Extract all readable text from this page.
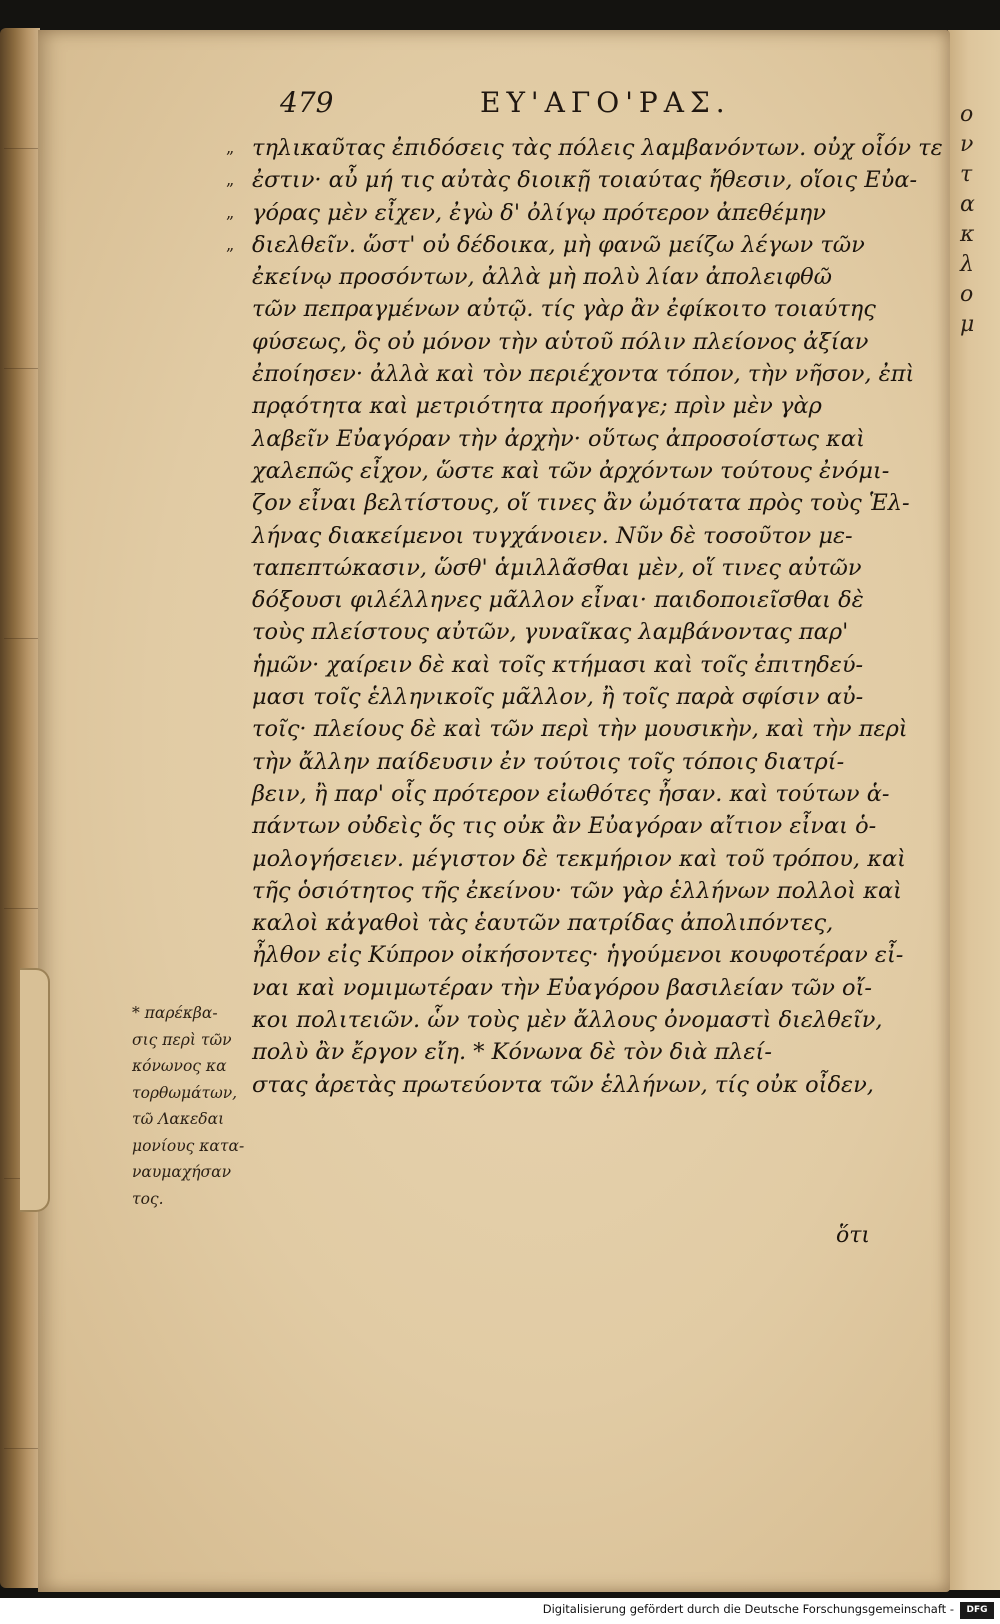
ο
ν
τ
α
κ
λ
ο
μ
479	ΕΥ'ΑΓΟ'ΡΑΣ.
„ τηλικαῦτας ἐπιδόσεις τὰς πόλεις λαμβανόντων. οὐχ οἷόν τε
„ ἐστιν· αὖ μή τις αὐτὰς διοικῇ τοιαύτας ἤθεσιν, οἵοις Εὐα-
„ γόρας μὲν εἶχεν, ἐγὼ δ' ὀλίγῳ πρότερον ἀπεθέμην
„ διελθεῖν. ὥστ' οὐ δέδοικα, μὴ φανῶ μείζω λέγων τῶν
ἐκείνῳ προσόντων, ἀλλὰ μὴ πολὺ λίαν ἀπολειφθῶ
τῶν πεπραγμένων αὐτῷ. τίς γὰρ ἂν ἐφίκοιτο τοιαύτης
φύσεως, ὃς οὐ μόνον τὴν αὑτοῦ πόλιν πλείονος ἀξίαν
ἐποίησεν· ἀλλὰ καὶ τὸν περιέχοντα τόπον, τὴν νῆσον, ἐπὶ
πρᾳότητα καὶ μετριότητα προήγαγε; πρὶν μὲν γὰρ
λαβεῖν Εὐαγόραν τὴν ἀρχὴν· οὕτως ἀπροσοίστως καὶ
χαλεπῶς εἶχον, ὥστε καὶ τῶν ἀρχόντων τούτους ἐνόμι-
ζον εἶναι βελτίστους, οἵ τινες ἂν ὠμότατα πρὸς τοὺς Ἑλ-
λήνας διακείμενοι τυγχάνοιεν. Νῦν δὲ τοσοῦτον με-
ταπεπτώκασιν, ὥσθ' ἁμιλλᾶσθαι μὲν, οἵ τινες αὐτῶν
δόξουσι φιλέλληνες μᾶλλον εἶναι· παιδοποιεῖσθαι δὲ
τοὺς πλείστους αὐτῶν, γυναῖκας λαμβάνοντας παρ'
ἡμῶν· χαίρειν δὲ καὶ τοῖς κτήμασι καὶ τοῖς ἐπιτηδεύ-
μασι τοῖς ἑλληνικοῖς μᾶλλον, ἢ τοῖς παρὰ σφίσιν αὐ-
τοῖς· πλείους δὲ καὶ τῶν περὶ τὴν μουσικὴν, καὶ τὴν περὶ
τὴν ἄλλην παίδευσιν ἐν τούτοις τοῖς τόποις διατρί-
βειν, ἢ παρ' οἷς πρότερον εἰωθότες ἦσαν. καὶ τούτων ἁ-
πάντων οὐδεὶς ὅς τις οὐκ ἂν Εὐαγόραν αἴτιον εἶναι ὁ-
μολογήσειεν. μέγιστον δὲ τεκμήριον καὶ τοῦ τρόπου, καὶ
τῆς ὁσιότητος τῆς ἐκείνου· τῶν γὰρ ἑλλήνων πολλοὶ καὶ
καλοὶ κἀγαθοὶ τὰς ἑαυτῶν πατρίδας ἀπολιπόντες,
ἦλθον εἰς Κύπρον οἰκήσοντες· ἡγούμενοι κουφοτέραν εἶ-
ναι καὶ νομιμωτέραν τὴν Εὐαγόρου βασιλείαν τῶν οἴ-
κοι πολιτειῶν. ὧν τοὺς μὲν ἄλλους ὀνομαστὶ διελθεῖν,
πολὺ ἂν ἔργον εἴη. * Κόνωνα δὲ τὸν διὰ πλεί-
στας ἀρετὰς πρωτεύοντα τῶν ἑλλήνων, τίς οὐκ οἶδεν,
* παρέκβα-
σις περὶ τῶν
κόνωνος κα
τορθωμάτων,
τῶ Λακεδαι
μονίους κατα-
ναυμαχήσαν
τος.
ὅτι
Digitalisierung gefördert durch die Deutsche Forschungsgemeinschaft -	DFG
